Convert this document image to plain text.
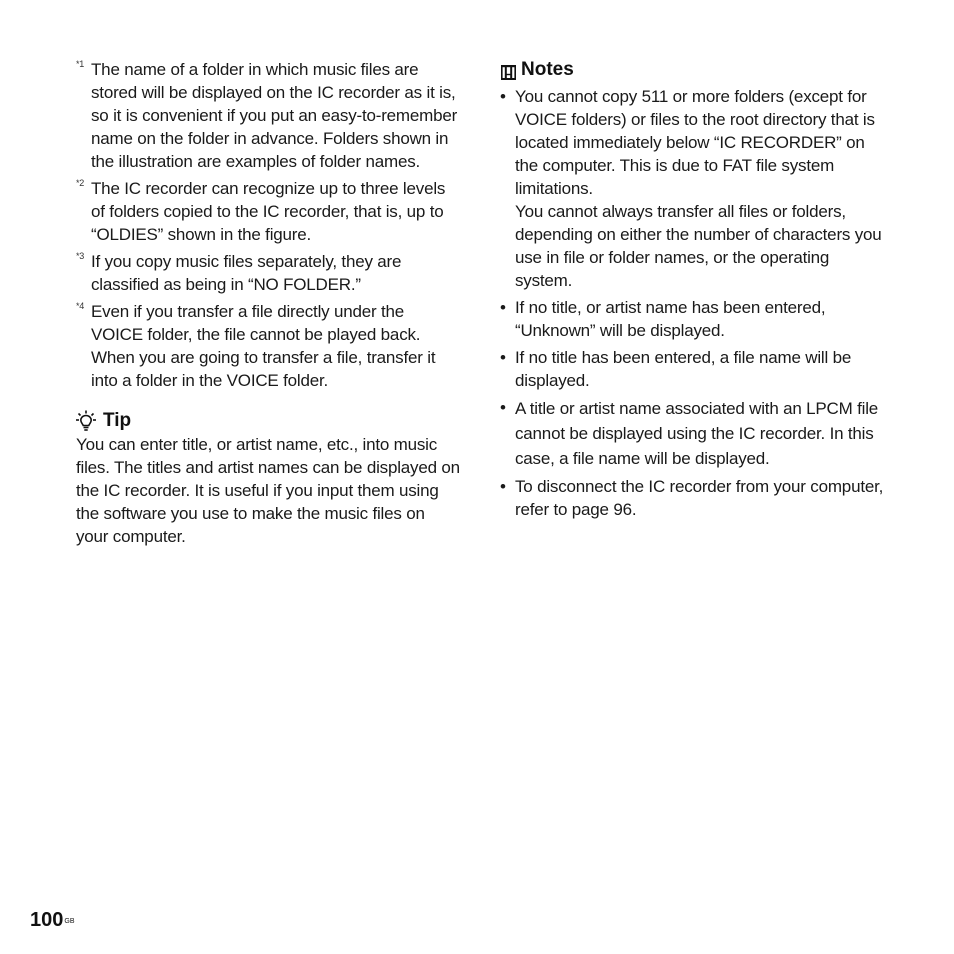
*1 The name of a folder in which music files are stored will be displayed on the IC recorder as it is, so it is convenient if you put an easy-to-remember name on the folder in advance. Folders shown in the illustration are examples of folder names.
*2 The IC recorder can recognize up to three levels of folders copied to the IC recorder, that is, up to “OLDIES” shown in the figure.
*3 If you copy music files separately, they are classified as being in “NO FOLDER.”
*4 Even if you transfer a file directly under the VOICE folder, the file cannot be played back. When you are going to transfer a file, transfer it into a folder in the VOICE folder.
Tip
You can enter title, or artist name, etc., into music files. The titles and artist names can be displayed on the IC recorder. It is useful if you input them using the software you use to make the music files on your computer.
Notes
• You cannot copy 511 or more folders (except for VOICE folders) or files to the root directory that is located immediately below “IC RECORDER” on the computer. This is due to FAT file system limitations.

You cannot always transfer all files or folders, depending on either the number of characters you use in file or folder names, or the operating system.

• If no title, or artist name has been entered, “Unknown” will be displayed.

• If no title has been entered, a file name will be displayed.

• A title or artist name associated with an LPCM file cannot be displayed using the IC recorder. In this case, a file name will be displayed.

• To disconnect the IC recorder from your computer, refer to page 96.

$100^{GB}$
